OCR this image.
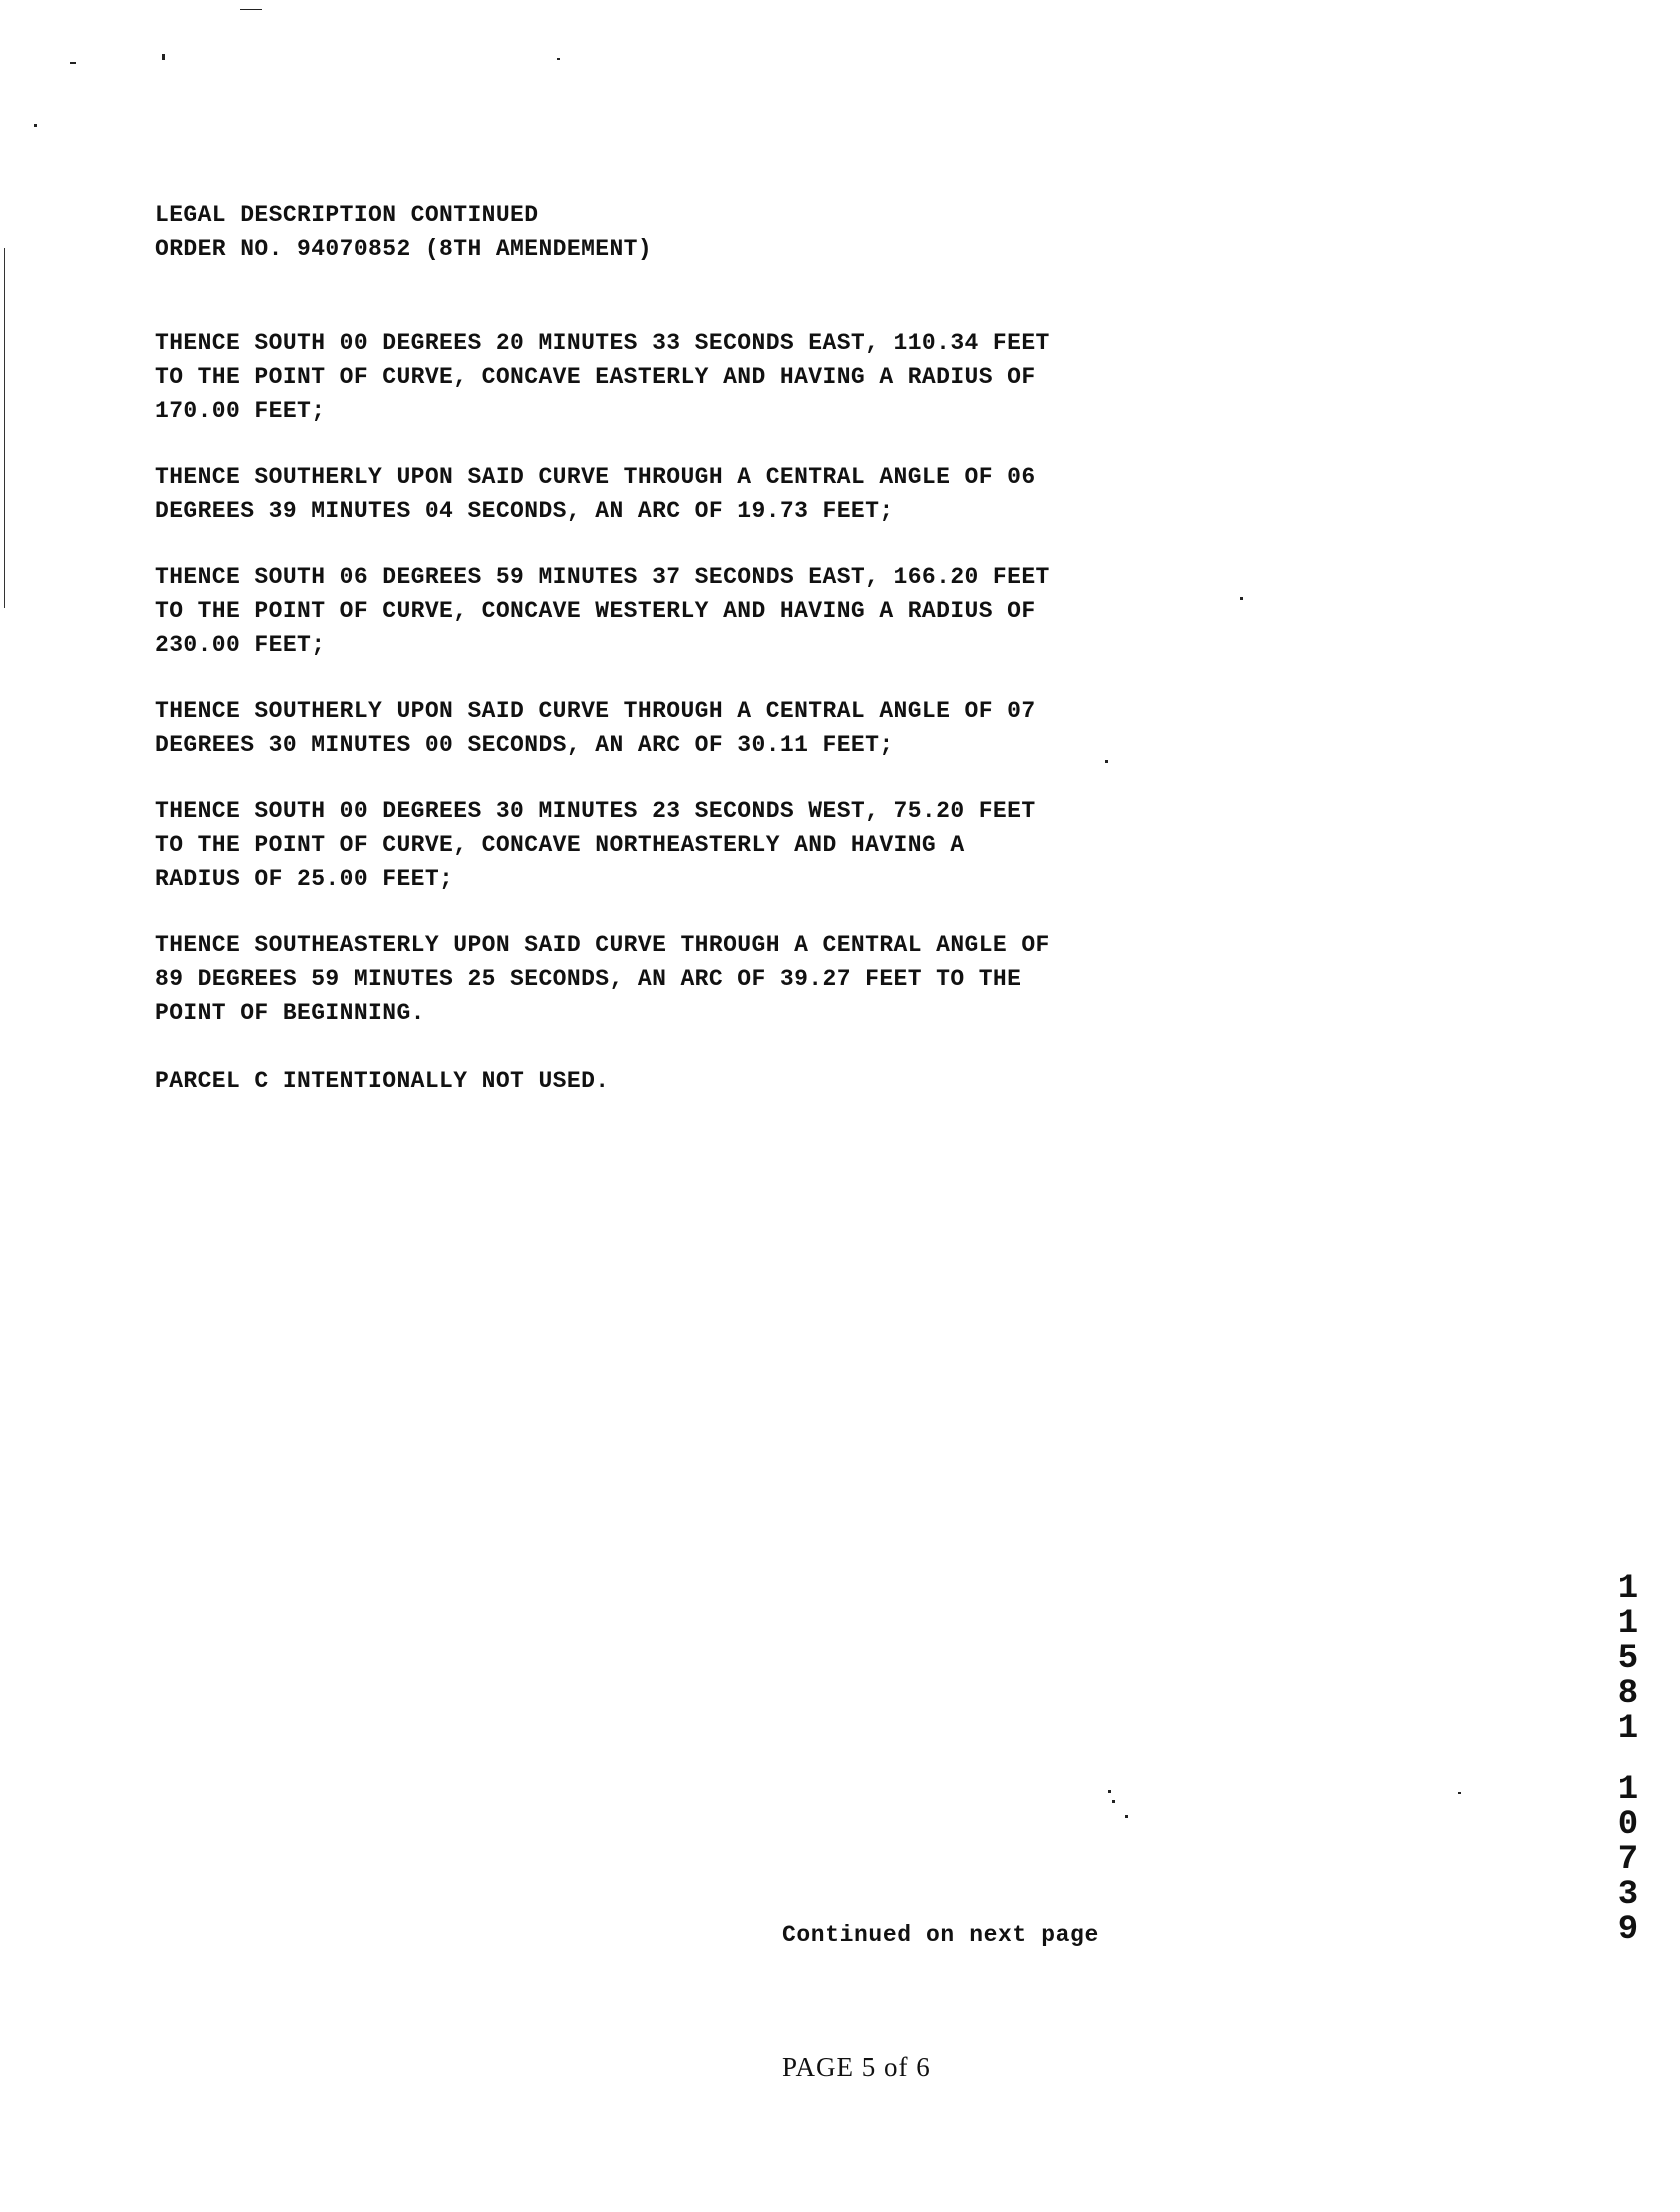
LEGAL DESCRIPTION CONTINUED
ORDER NO. 94070852 (8TH AMENDEMENT)
THENCE SOUTH 00 DEGREES 20 MINUTES 33 SECONDS EAST, 110.34 FEET
TO THE POINT OF CURVE, CONCAVE EASTERLY AND HAVING A RADIUS OF
170.00 FEET;
THENCE SOUTHERLY UPON SAID CURVE THROUGH A CENTRAL ANGLE OF 06
DEGREES 39 MINUTES 04 SECONDS, AN ARC OF 19.73 FEET;
THENCE SOUTH 06 DEGREES 59 MINUTES 37 SECONDS EAST, 166.20 FEET
TO THE POINT OF CURVE, CONCAVE WESTERLY AND HAVING A RADIUS OF
230.00 FEET;
THENCE SOUTHERLY UPON SAID CURVE THROUGH A CENTRAL ANGLE OF 07
DEGREES 30 MINUTES 00 SECONDS, AN ARC OF 30.11 FEET;
THENCE SOUTH 00 DEGREES 30 MINUTES 23 SECONDS WEST, 75.20 FEET
TO THE POINT OF CURVE, CONCAVE NORTHEASTERLY AND HAVING A
RADIUS OF 25.00 FEET;
THENCE SOUTHEASTERLY UPON SAID CURVE THROUGH A CENTRAL ANGLE OF
89 DEGREES 59 MINUTES 25 SECONDS, AN ARC OF 39.27 FEET TO THE
POINT OF BEGINNING.
PARCEL C INTENTIONALLY NOT USED.
Continued on next page
PAGE 5 of 6
1
1
5
8
1
1
0
7
3
9
